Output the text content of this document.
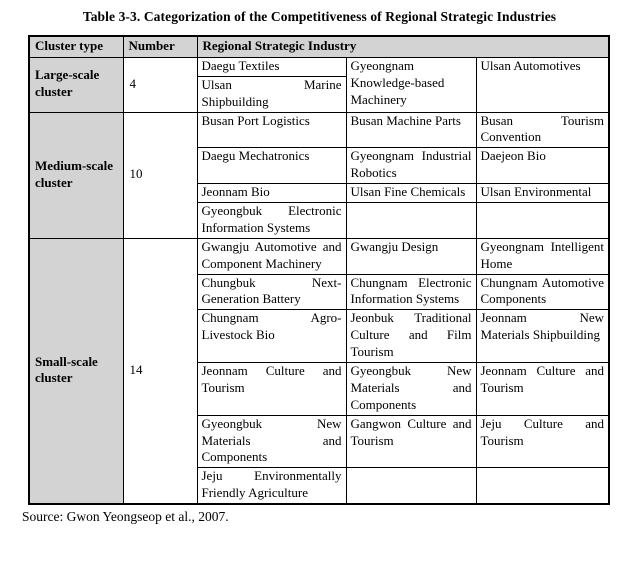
Table 3-3. Categorization of the Competitiveness of Regional Strategic Industries
Cluster type	Number	Regional Strategic Industry		
Large-scale cluster	4	Daegu Textiles	Gyeongnam Knowledge-based Machinery	Ulsan Automotives
		Ulsan Marine Shipbuilding		
Medium-scale cluster	10	Busan Port Logistics	Busan Machine Parts	Busan Tourism Convention
		Daegu Mechatronics	Gyeongnam Industrial Robotics	Daejeon Bio
		Jeonnam Bio	Ulsan Fine Chemicals	Ulsan Environmental
		Gyeongbuk Electronic Information Systems		
Small-scale cluster	14	Gwangju Automotive and Component Machinery	Gwangju Design	Gyeongnam Intelligent Home
		Chungbuk Next-Generation Battery	Chungnam Electronic Information Systems	Chungnam Automotive Components
		Chungnam Agro-Livestock Bio	Jeonbuk Traditional Culture and Film Tourism	Jeonnam New Materials Shipbuilding
		Jeonnam Culture and Tourism	Gyeongbuk New Materials and Components	Jeonnam Culture and Tourism
		Gyeongbuk New Materials and Components	Gangwon Culture and Tourism	Jeju Culture and Tourism
		Jeju Environmentally Friendly Agriculture		
Source: Gwon Yeongseop et al., 2007.
